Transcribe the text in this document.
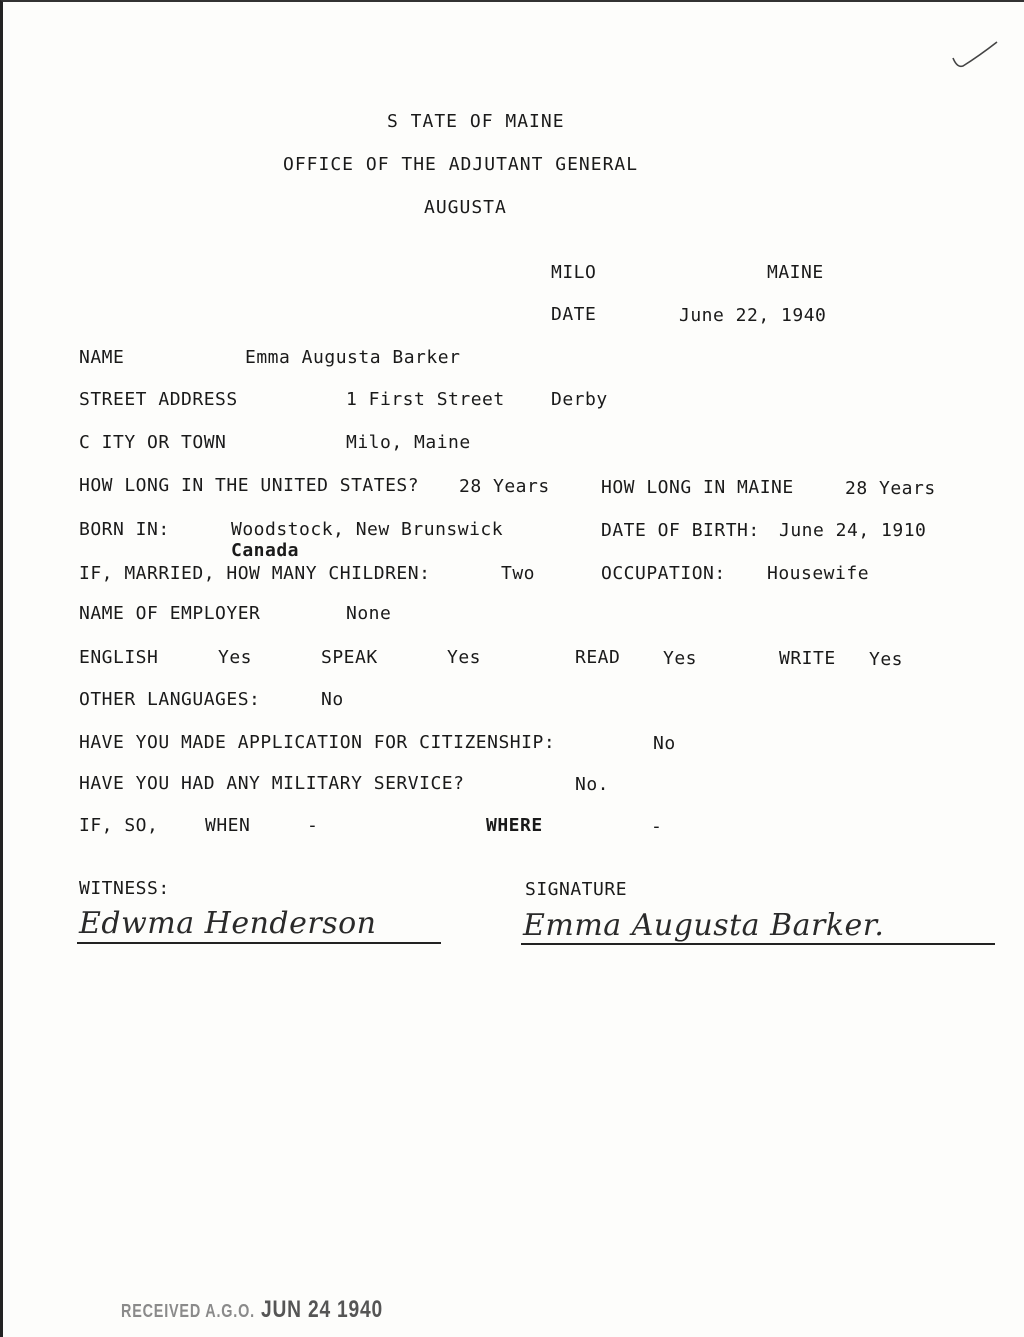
S TATE OF MAINE
OFFICE OF THE ADJUTANT GENERAL
AUGUSTA
MILO	MAINE
DATE	June 22, 1940
NAME	Emma Augusta Barker
STREET ADDRESS	1 First Street	Derby
C ITY OR TOWN	Milo, Maine
HOW LONG IN THE UNITED STATES? 28 Years	HOW LONG IN MAINE	28 Years
BORN IN:	Woodstock, New Brunswick
Canada
DATE OF BIRTH: June 24, 1910
IF, MARRIED, HOW MANY CHILDREN:	Two	OCCUPATION: Housewife
NAME OF EMPLOYER	None
ENGLISH	Yes	SPEAK	Yes	READ Yes	WRITE Yes
OTHER LANGUAGES:	No
HAVE YOU MADE APPLICATION FOR CITIZENSHIP:	No
HAVE YOU HAD ANY MILITARY SERVICE?	No.
IF, SO,	WHEN	-	WHERE	-
WITNESS:	SIGNATURE
Edwma Henderson	Emma Augusta Barker.
RECEIVED A.G.O. JUN 24 1940
